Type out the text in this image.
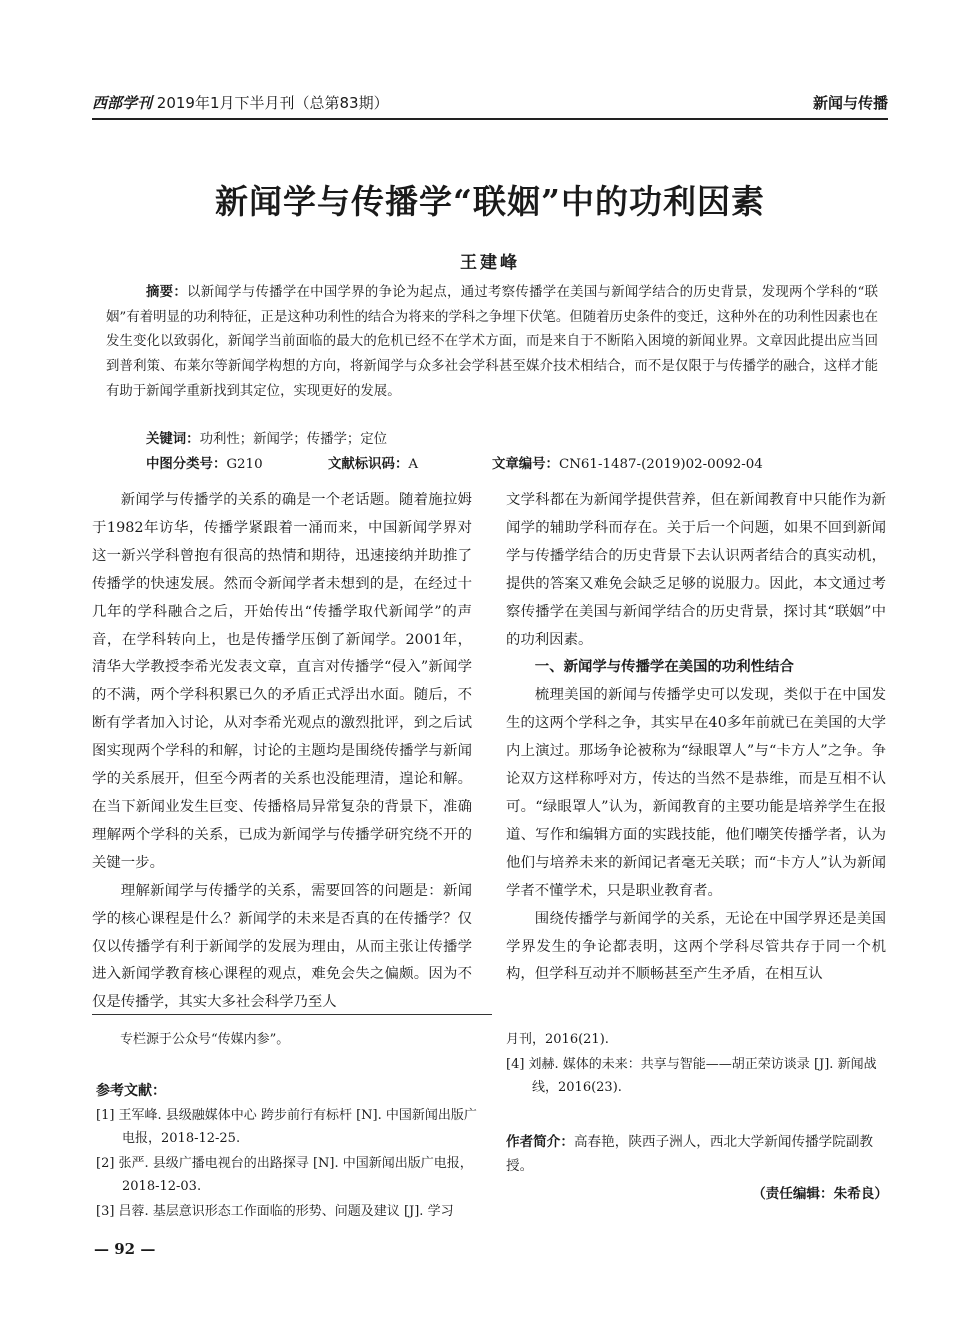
西部学刊 2019年1月下半月刊（总第83期）	新闻与传播
新闻学与传播学“联姻”中的功利因素
王建峰
摘要：以新闻学与传播学在中国学界的争论为起点，通过考察传播学在美国与新闻学结合的历史背景，发现两个学科的“联姻”有着明显的功利特征，正是这种功利性的结合为将来的学科之争埋下伏笔。但随着历史条件的变迁，这种外在的功利性因素也在发生变化以致弱化，新闻学当前面临的最大的危机已经不在学术方面，而是来自于不断陷入困境的新闻业界。文章因此提出应当回到普利策、布莱尔等新闻学构想的方向，将新闻学与众多社会学科甚至媒介技术相结合，而不是仅限于与传播学的融合，这样才能有助于新闻学重新找到其定位，实现更好的发展。
关键词：功利性；新闻学；传播学；定位
中图分类号：G210	文献标识码：A	文章编号：CN61-1487-(2019)02-0092-04

新闻学与传播学的关系的确是一个老话题。随着施拉姆于1982年访华，传播学紧跟着一涌而来，中国新闻学界对这一新兴学科曾抱有很高的热情和期待，迅速接纳并助推了传播学的快速发展。然而令新闻学者未想到的是，在经过十几年的学科融合之后，开始传出“传播学取代新闻学”的声音，在学科转向上，也是传播学压倒了新闻学。2001年，清华大学教授李希光发表文章，直言对传播学“侵入”新闻学的不满，两个学科积累已久的矛盾正式浮出水面。随后，不断有学者加入讨论，从对李希光观点的激烈批评，到之后试图实现两个学科的和解，讨论的主题均是围绕传播学与新闻学的关系展开，但至今两者的关系也没能理清，遑论和解。在当下新闻业发生巨变、传播格局异常复杂的背景下，准确理解两个学科的关系，已成为新闻学与传播学研究绕不开的关键一步。

理解新闻学与传播学的关系，需要回答的问题是：新闻学的核心课程是什么？新闻学的未来是否真的在传播学？仅仅以传播学有利于新闻学的发展为理由，从而主张让传播学进入新闻学教育核心课程的观点，难免会失之偏颇。因为不仅是传播学，其实大多社会科学乃至人

文学科都在为新闻学提供营养，但在新闻教育中只能作为新闻学的辅助学科而存在。关于后一个问题，如果不回到新闻学与传播学结合的历史背景下去认识两者结合的真实动机，提供的答案又难免会缺乏足够的说服力。因此，本文通过考察传播学在美国与新闻学结合的历史背景，探讨其“联姻”中的功利因素。

一、新闻学与传播学在美国的功利性结合

梳理美国的新闻与传播学史可以发现，类似于在中国发生的这两个学科之争，其实早在40多年前就已在美国的大学内上演过。那场争论被称为“绿眼罩人”与“卡方人”之争。争论双方这样称呼对方，传达的当然不是恭维，而是互相不认可。“绿眼罩人”认为，新闻教育的主要功能是培养学生在报道、写作和编辑方面的实践技能，他们嘲笑传播学者，认为他们与培养未来的新闻记者毫无关联；而“卡方人”认为新闻学者不懂学术，只是职业教育者。

围绕传播学与新闻学的关系，无论在中国学界还是美国学界发生的争论都表明，这两个学科尽管共存于同一个机构，但学科互动并不顺畅甚至产生矛盾，在相互认

专栏源于公众号“传媒内参”。
参考文献：
[1] 王军峰. 县级融媒体中心 跨步前行有标杆 [N]. 中国新闻出版广电报，2018-12-25.
[2] 张严. 县级广播电视台的出路探寻 [N]. 中国新闻出版广电报，2018-12-03.
[3] 吕蓉. 基层意识形态工作面临的形势、问题及建议 [J]. 学习
月刊，2016(21).
[4] 刘赫. 媒体的未来：共享与智能——胡正荣访谈录 [J]. 新闻战线，2016(23).
作者简介：高春艳，陕西子洲人，西北大学新闻传播学院副教授。
（责任编辑：朱希良）
— 92 —
